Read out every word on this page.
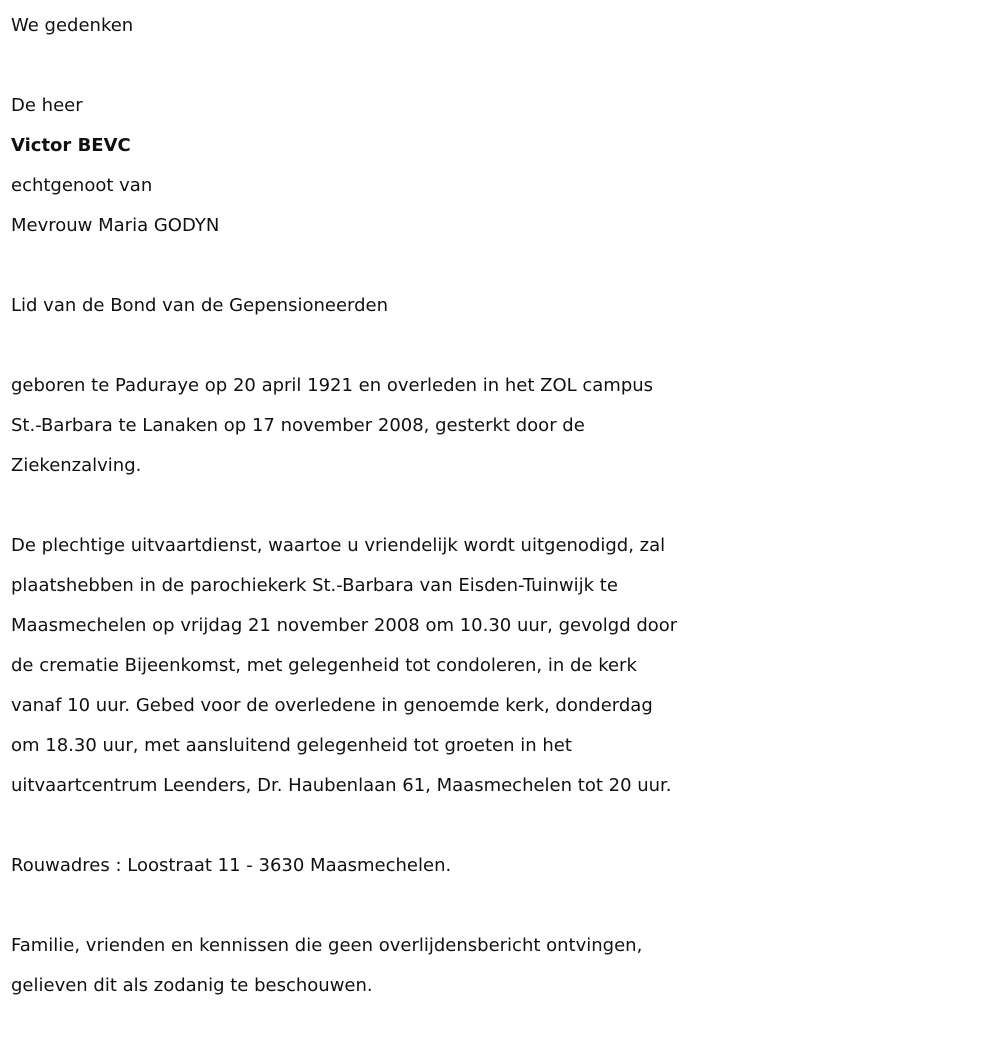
We gedenken
De heer
Victor BEVC
echtgenoot van
Mevrouw Maria GODYN
Lid van de Bond van de Gepensioneerden
geboren te Paduraye op 20 april 1921 en overleden in het ZOL campus
St.-Barbara te Lanaken op 17 november 2008, gesterkt door de
Ziekenzalving.
De plechtige uitvaartdienst, waartoe u vriendelijk wordt uitgenodigd, zal
plaatshebben in de parochiekerk St.-Barbara van Eisden-Tuinwijk te
Maasmechelen op vrijdag 21 november 2008 om 10.30 uur, gevolgd door
de crematie Bijeenkomst, met gelegenheid tot condoleren, in de kerk
vanaf 10 uur. Gebed voor de overledene in genoemde kerk, donderdag
om 18.30 uur, met aansluitend gelegenheid tot groeten in het
uitvaartcentrum Leenders, Dr. Haubenlaan 61, Maasmechelen tot 20 uur.
Rouwadres : Loostraat 11 - 3630 Maasmechelen.
Familie, vrienden en kennissen die geen overlijdensbericht ontvingen,
gelieven dit als zodanig te beschouwen.
